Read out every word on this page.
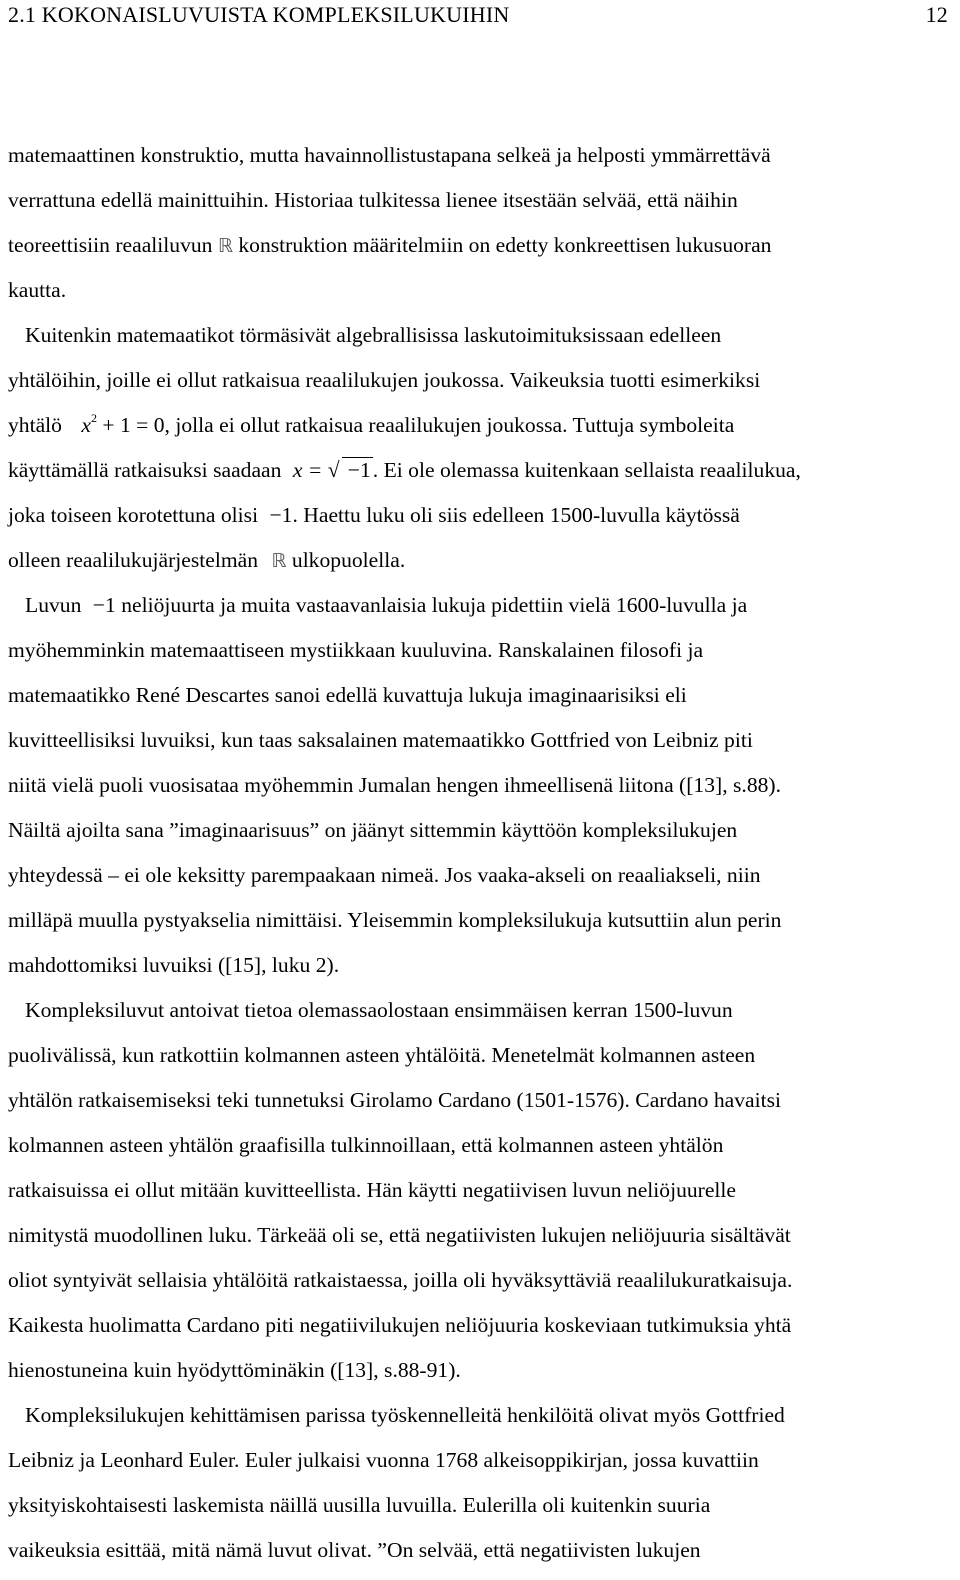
2.1 KOKONAISLUVUISTA KOMPLEKSILUKUIHIN	12
matemaattinen konstruktio, mutta havainnollistustapana selkeä ja helposti ymmärrettävä
verrattuna edellä mainittuihin. Historiaa tulkitessa lienee itsestään selvää, että näihin
teoreettisiin reaaliluvun ℝ konstruktion määritelmiin on edetty konkreettisen lukusuoran
kautta.
Kuitenkin matemaatikot törmäsivät algebrallisissa laskutoimituksissaan edelleen
yhtälöihin, joille ei ollut ratkaisua reaalilukujen joukossa. Vaikeuksia tuotti esimerkiksi
yhtälö $x^2 + 1 = 0$, jolla ei ollut ratkaisua reaalilukujen joukossa. Tuttuja symboleita
käyttämällä ratkaisuksi saadaan x = √ −1. Ei ole olemassa kuitenkaan sellaista reaalilukua,
joka toiseen korotettuna olisi −1. Haettu luku oli siis edelleen 1500-luvulla käytössä
olleen reaalilukujärjestelmän ℝ ulkopuolella.
Luvun −1 neliöjuurta ja muita vastaavanlaisia lukuja pidettiin vielä 1600-luvulla ja
myöhemminkin matemaattiseen mystiikkaan kuuluvina. Ranskalainen filosofi ja
matemaatikko René Descartes sanoi edellä kuvattuja lukuja imaginaarisiksi eli
kuvitteellisiksi luvuiksi, kun taas saksalainen matemaatikko Gottfried von Leibniz piti
niitä vielä puoli vuosisataa myöhemmin Jumalan hengen ihmeellisenä liitona ([13], s.88).
Näiltä ajoilta sana ”imaginaarisuus” on jäänyt sittemmin käyttöön kompleksilukujen
yhteydessä – ei ole keksitty parempaakaan nimeä. Jos vaaka-akseli on reaaliakseli, niin
milläpä muulla pystyakselia nimittäisi. Yleisemmin kompleksilukuja kutsuttiin alun perin
mahdottomiksi luvuiksi ([15], luku 2).
Kompleksiluvut antoivat tietoa olemassaolostaan ensimmäisen kerran 1500-luvun
puolivälissä, kun ratkottiin kolmannen asteen yhtälöitä. Menetelmät kolmannen asteen
yhtälön ratkaisemiseksi teki tunnetuksi Girolamo Cardano (1501-1576). Cardano havaitsi
kolmannen asteen yhtälön graafisilla tulkinnoillaan, että kolmannen asteen yhtälön
ratkaisuissa ei ollut mitään kuvitteellista. Hän käytti negatiivisen luvun neliöjuurelle
nimitystä muodollinen luku. Tärkeää oli se, että negatiivisten lukujen neliöjuuria sisältävät
oliot syntyivät sellaisia yhtälöitä ratkaistaessa, joilla oli hyväksyttäviä reaalilukuratkaisuja.
Kaikesta huolimatta Cardano piti negatiivilukujen neliöjuuria koskeviaan tutkimuksia yhtä
hienostuneina kuin hyödyttöminäkin ([13], s.88-91).
Kompleksilukujen kehittämisen parissa työskennelleitä henkilöitä olivat myös Gottfried
Leibniz ja Leonhard Euler. Euler julkaisi vuonna 1768 alkeisoppikirjan, jossa kuvattiin
yksityiskohtaisesti laskemista näillä uusilla luvuilla. Eulerilla oli kuitenkin suuria
vaikeuksia esittää, mitä nämä luvut olivat. ”On selvää, että negatiivisten lukujen
